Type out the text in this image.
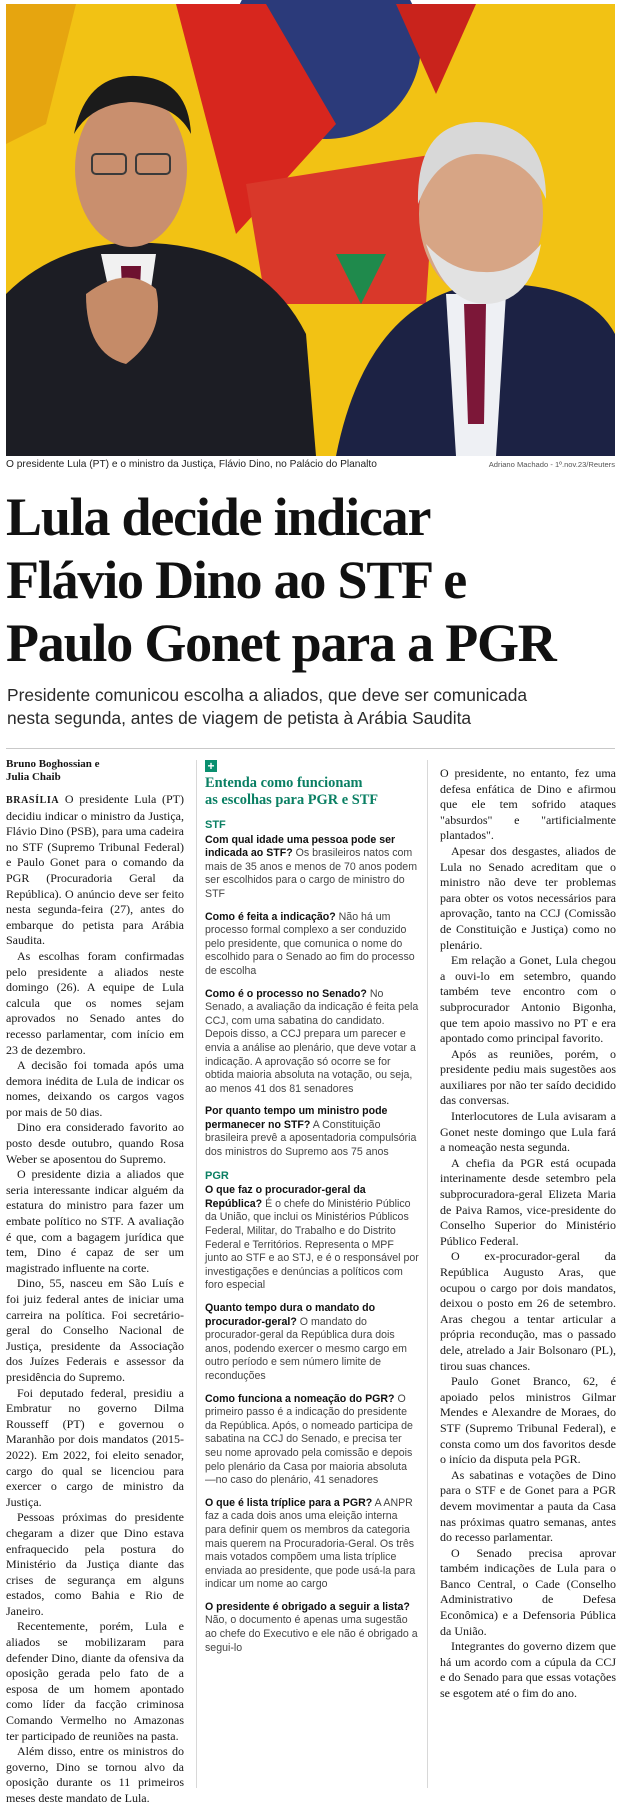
O presidente Lula (PT) e o ministro da Justiça, Flávio Dino, no Palácio do Planalto	Adriano Machado - 1º.nov.23/Reuters
Lula decide indicar
Flávio Dino ao STF e
Paulo Gonet para a PGR

Presidente comunicou escolha a aliados, que deve ser comunicada
nesta segunda, antes de viagem de petista à Arábia Saudita

Bruno Boghossian e
Julia Chaib

BRASÍLIA O presidente Lula (PT) decidiu indicar o ministro da Justiça, Flávio Dino (PSB), para uma cadeira no STF (Supremo Tribunal Federal) e Paulo Gonet para o comando da PGR (Procuradoria Geral da República). O anúncio deve ser feito nesta segunda-feira (27), antes do embarque do petista para Arábia Saudita.

As escolhas foram confirmadas pelo presidente a aliados neste domingo (26). A equipe de Lula calcula que os nomes sejam aprovados no Senado antes do recesso parlamentar, com início em 23 de dezembro.

A decisão foi tomada após uma demora inédita de Lula de indicar os nomes, deixando os cargos vagos por mais de 50 dias.

Dino era considerado favorito ao posto desde outubro, quando Rosa Weber se aposentou do Supremo.

O presidente dizia a aliados que seria interessante indicar alguém da estatura do ministro para fazer um embate político no STF. A avaliação é que, com a bagagem jurídica que tem, Dino é capaz de ser um magistrado influente na corte.

Dino, 55, nasceu em São Luís e foi juiz federal antes de iniciar uma carreira na política. Foi secretário-geral do Conselho Nacional de Justiça, presidente da Associação dos Juízes Federais e assessor da presidência do Supremo.

Foi deputado federal, presidiu a Embratur no governo Dilma Rousseff (PT) e governou o Maranhão por dois mandatos (2015-2022). Em 2022, foi eleito senador, cargo do qual se licenciou para exercer o cargo de ministro da Justiça.

Pessoas próximas do presidente chegaram a dizer que Dino estava enfraquecido pela postura do Ministério da Justiça diante das crises de segurança em alguns estados, como Bahia e Rio de Janeiro.

Recentemente, porém, Lula e aliados se mobilizaram para defender Dino, diante da ofensiva da oposição gerada pelo fato de a esposa de um homem apontado como líder da facção criminosa Comando Vermelho no Amazonas ter participado de reuniões na pasta.

Além disso, entre os ministros do governo, Dino se tornou alvo da oposição durante os 11 primeiros meses deste mandato de Lula.

+
Entenda como funcionam
as escolhas para PGR e STF
STF
Com qual idade uma pessoa pode ser indicada ao STF? Os brasileiros natos com mais de 35 anos e menos de 70 anos podem ser escolhidos para o cargo de ministro do STF
Como é feita a indicação? Não há um processo formal complexo a ser conduzido pelo presidente, que comunica o nome do escolhido para o Senado ao fim do processo de escolha
Como é o processo no Senado? No Senado, a avaliação da indicação é feita pela CCJ, com uma sabatina do candidato. Depois disso, a CCJ prepara um parecer e envia a análise ao plenário, que deve votar a indicação. A aprovação só ocorre se for obtida maioria absoluta na votação, ou seja, ao menos 41 dos 81 senadores
Por quanto tempo um ministro pode permanecer no STF? A Constituição brasileira prevê a aposentadoria compulsória dos ministros do Supremo aos 75 anos
PGR
O que faz o procurador-geral da República? É o chefe do Ministério Público da União, que inclui os Ministérios Públicos Federal, Militar, do Trabalho e do Distrito Federal e Territórios. Representa o MPF junto ao STF e ao STJ, e é o responsável por investigações e denúncias a políticos com foro especial
Quanto tempo dura o mandato do procurador-geral? O mandato do procurador-geral da República dura dois anos, podendo exercer o mesmo cargo em outro período e sem número limite de reconduções
Como funciona a nomeação do PGR? O primeiro passo é a indicação do presidente da República. Após, o nomeado participa de sabatina na CCJ do Senado, e precisa ter seu nome aprovado pela comissão e depois pelo plenário da Casa por maioria absoluta —no caso do plenário, 41 senadores
O que é lista tríplice para a PGR? A ANPR faz a cada dois anos uma eleição interna para definir quem os membros da categoria mais querem na Procuradoria-Geral. Os três mais votados compõem uma lista tríplice enviada ao presidente, que pode usá-la para indicar um nome ao cargo
O presidente é obrigado a seguir a lista? Não, o documento é apenas uma sugestão ao chefe do Executivo e ele não é obrigado a segui-lo

O presidente, no entanto, fez uma defesa enfática de Dino e afirmou que ele tem sofrido ataques "absurdos" e "artificialmente plantados".

Apesar dos desgastes, aliados de Lula no Senado acreditam que o ministro não deve ter problemas para obter os votos necessários para aprovação, tanto na CCJ (Comissão de Constituição e Justiça) como no plenário.

Em relação a Gonet, Lula chegou a ouvi-lo em setembro, quando também teve encontro com o subprocurador Antonio Bigonha, que tem apoio massivo no PT e era apontado como principal favorito.

Após as reuniões, porém, o presidente pediu mais sugestões aos auxiliares por não ter saído decidido das conversas.

Interlocutores de Lula avisaram a Gonet neste domingo que Lula fará a nomeação nesta segunda.

A chefia da PGR está ocupada interinamente desde setembro pela subprocuradora-geral Elizeta Maria de Paiva Ramos, vice-presidente do Conselho Superior do Ministério Público Federal.

O ex-procurador-geral da República Augusto Aras, que ocupou o cargo por dois mandatos, deixou o posto em 26 de setembro. Aras chegou a tentar articular a própria recondução, mas o passado dele, atrelado a Jair Bolsonaro (PL), tirou suas chances.

Paulo Gonet Branco, 62, é apoiado pelos ministros Gilmar Mendes e Alexandre de Moraes, do STF (Supremo Tribunal Federal), e consta como um dos favoritos desde o início da disputa pela PGR.

As sabatinas e votações de Dino para o STF e de Gonet para a PGR devem movimentar a pauta da Casa nas próximas quatro semanas, antes do recesso parlamentar.

O Senado precisa aprovar também indicações de Lula para o Banco Central, o Cade (Conselho Administrativo de Defesa Econômica) e a Defensoria Pública da União.

Integrantes do governo dizem que há um acordo com a cúpula da CCJ e do Senado para que essas votações se esgotem até o fim do ano.
